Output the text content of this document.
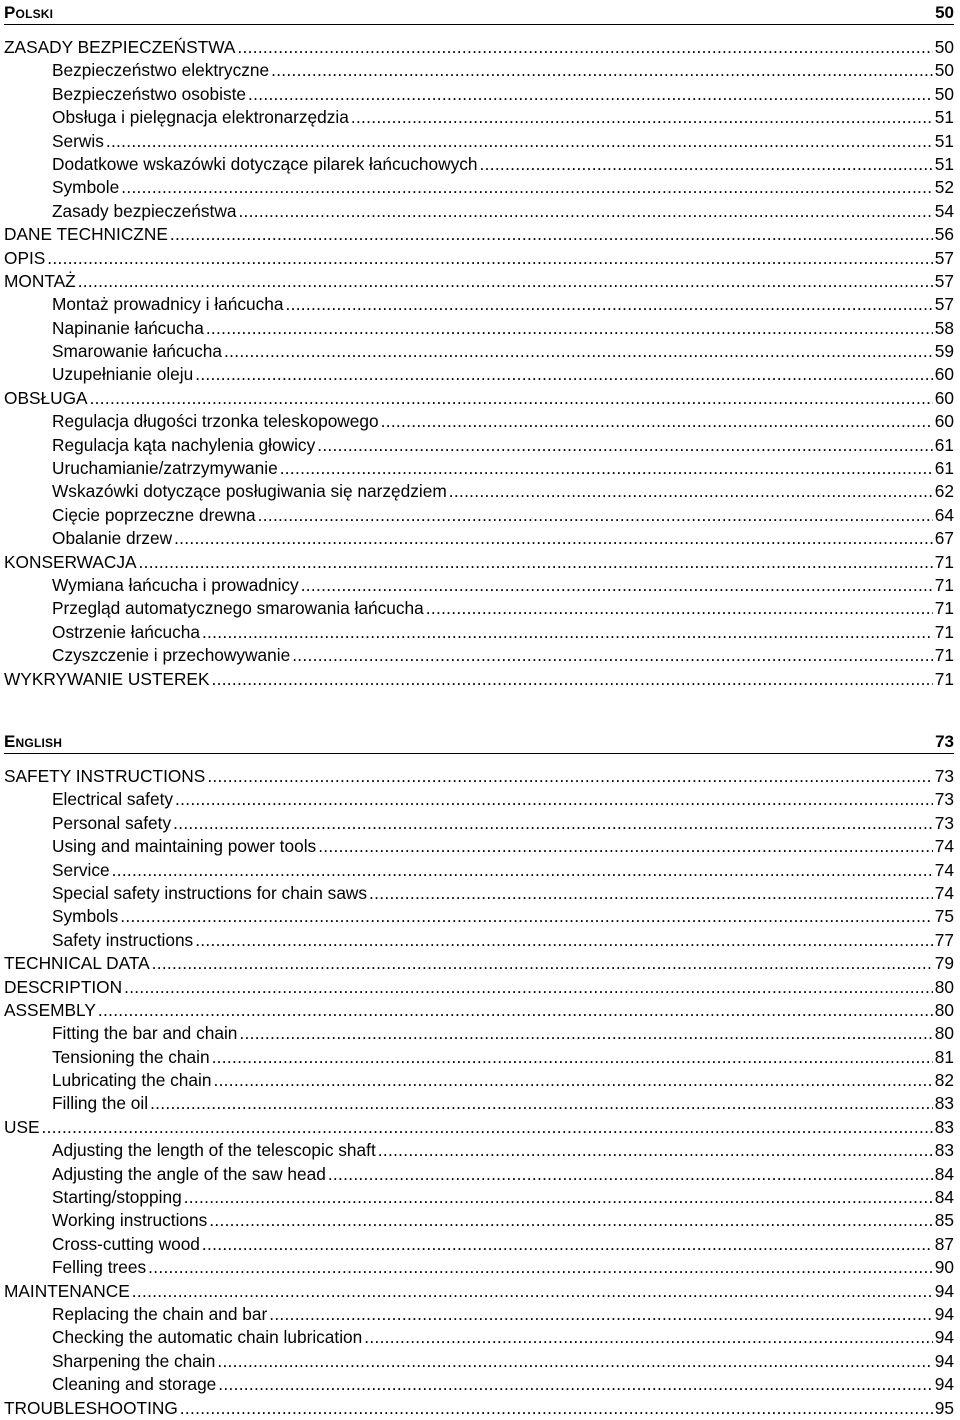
Polski	50
ZASADY BEZPIECZEŃSTWA .....	50
Bezpieczeństwo elektryczne .....	50
Bezpieczeństwo osobiste .....	50
Obsługa i pielęgnacja elektronarzędzia .....	51
Serwis .....	51
Dodatkowe wskazówki dotyczące pilarek łańcuchowych .....	51
Symbole .....	52
Zasady bezpieczeństwa .....	54
DANE TECHNICZNE .....	56
OPIS .....	57
MONTAŻ .....	57
Montaż prowadnicy i łańcucha .....	57
Napinanie łańcucha .....	58
Smarowanie łańcucha .....	59
Uzupełnianie oleju .....	60
OBSŁUGA .....	60
Regulacja długości trzonka teleskopowego .....	60
Regulacja kąta nachylenia głowicy .....	61
Uruchamianie/zatrzymywanie .....	61
Wskazówki dotyczące posługiwania się narzędziem .....	62
Cięcie poprzeczne drewna .....	64
Obalanie drzew .....	67
KONSERWACJA .....	71
Wymiana łańcucha i prowadnicy .....	71
Przegląd automatycznego smarowania łańcucha .....	71
Ostrzenie łańcucha .....	71
Czyszczenie i przechowywanie .....	71
WYKRYWANIE USTEREK .....	71
English	73
SAFETY INSTRUCTIONS .....	73
Electrical safety .....	73
Personal safety .....	73
Using and maintaining power tools .....	74
Service .....	74
Special safety instructions for chain saws .....	74
Symbols .....	75
Safety instructions .....	77
TECHNICAL DATA .....	79
DESCRIPTION .....	80
ASSEMBLY .....	80
Fitting the bar and chain .....	80
Tensioning the chain .....	81
Lubricating the chain .....	82
Filling the oil .....	83
USE .....	83
Adjusting the length of the telescopic shaft .....	83
Adjusting the angle of the saw head .....	84
Starting/stopping .....	84
Working instructions .....	85
Cross-cutting wood .....	87
Felling trees .....	90
MAINTENANCE .....	94
Replacing the chain and bar .....	94
Checking the automatic chain lubrication .....	94
Sharpening the chain .....	94
Cleaning and storage .....	94
TROUBLESHOOTING .....	95
